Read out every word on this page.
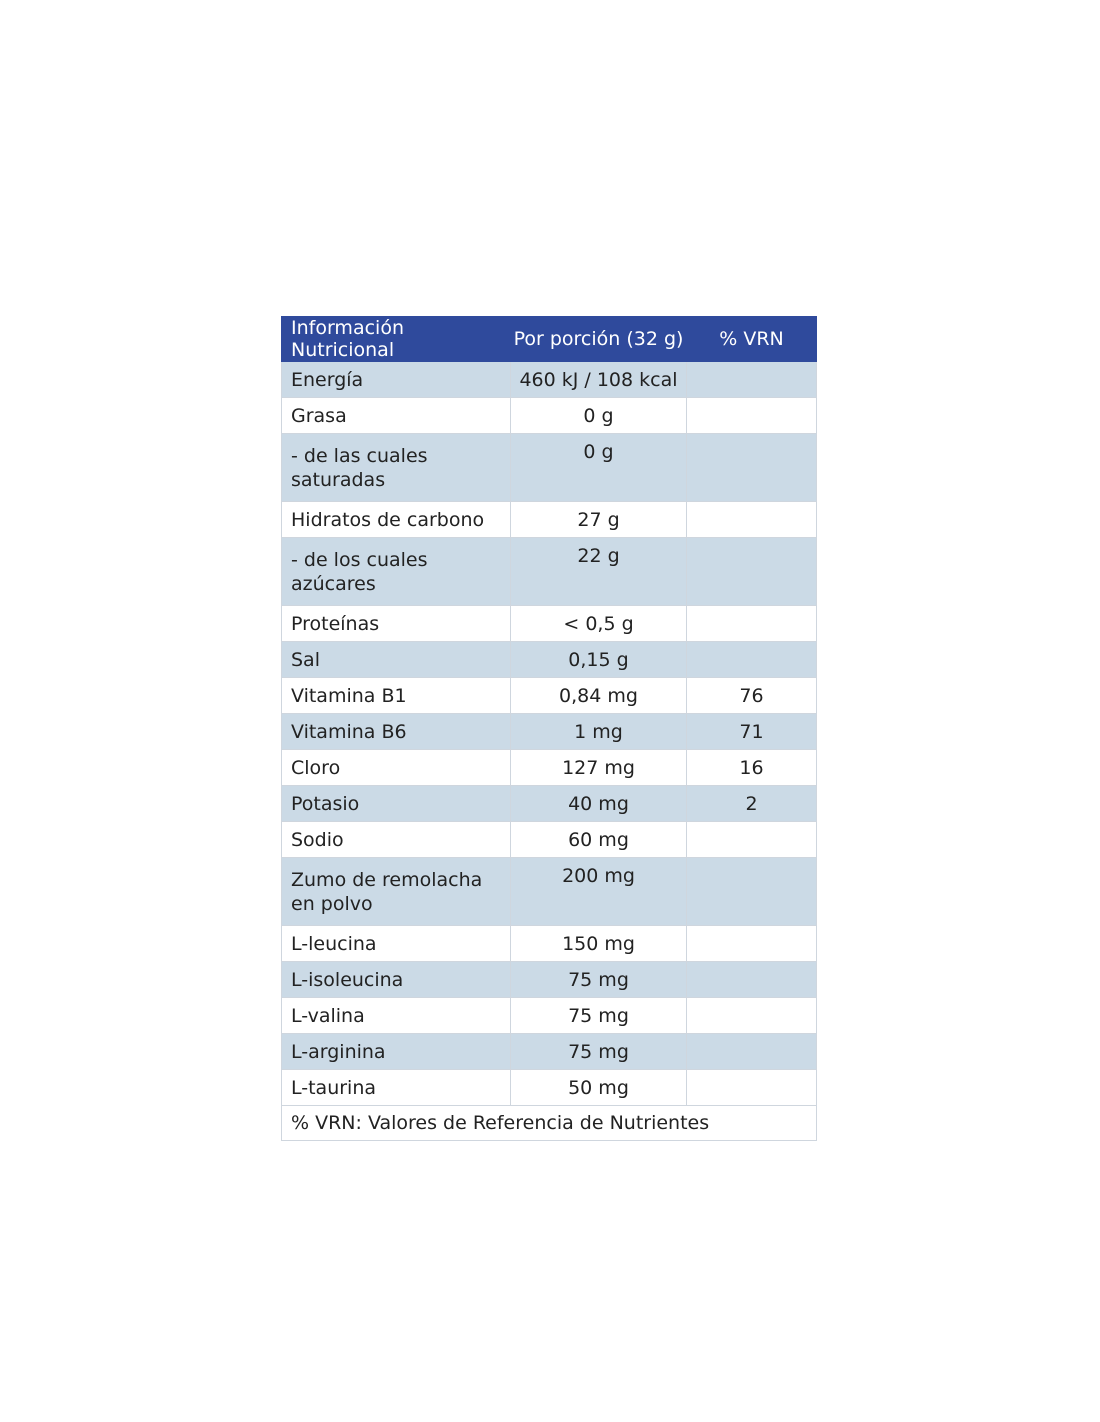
Información Nutricional	Por porción (32 g)	% VRN
Energía	460 kJ / 108 kcal	
Grasa	0 g	
- de las cuales saturadas	0 g	
Hidratos de carbono	27 g	
- de los cuales azúcares	22 g	
Proteínas	< 0,5 g	
Sal	0,15 g	
Vitamina B1	0,84 mg	76
Vitamina B6	1 mg	71
Cloro	127 mg	16
Potasio	40 mg	2
Sodio	60 mg	
Zumo de remolacha en polvo	200 mg	
L-leucina	150 mg	
L-isoleucina	75 mg	
L-valina	75 mg	
L-arginina	75 mg	
L-taurina	50 mg	
% VRN: Valores de Referencia de Nutrientes		
